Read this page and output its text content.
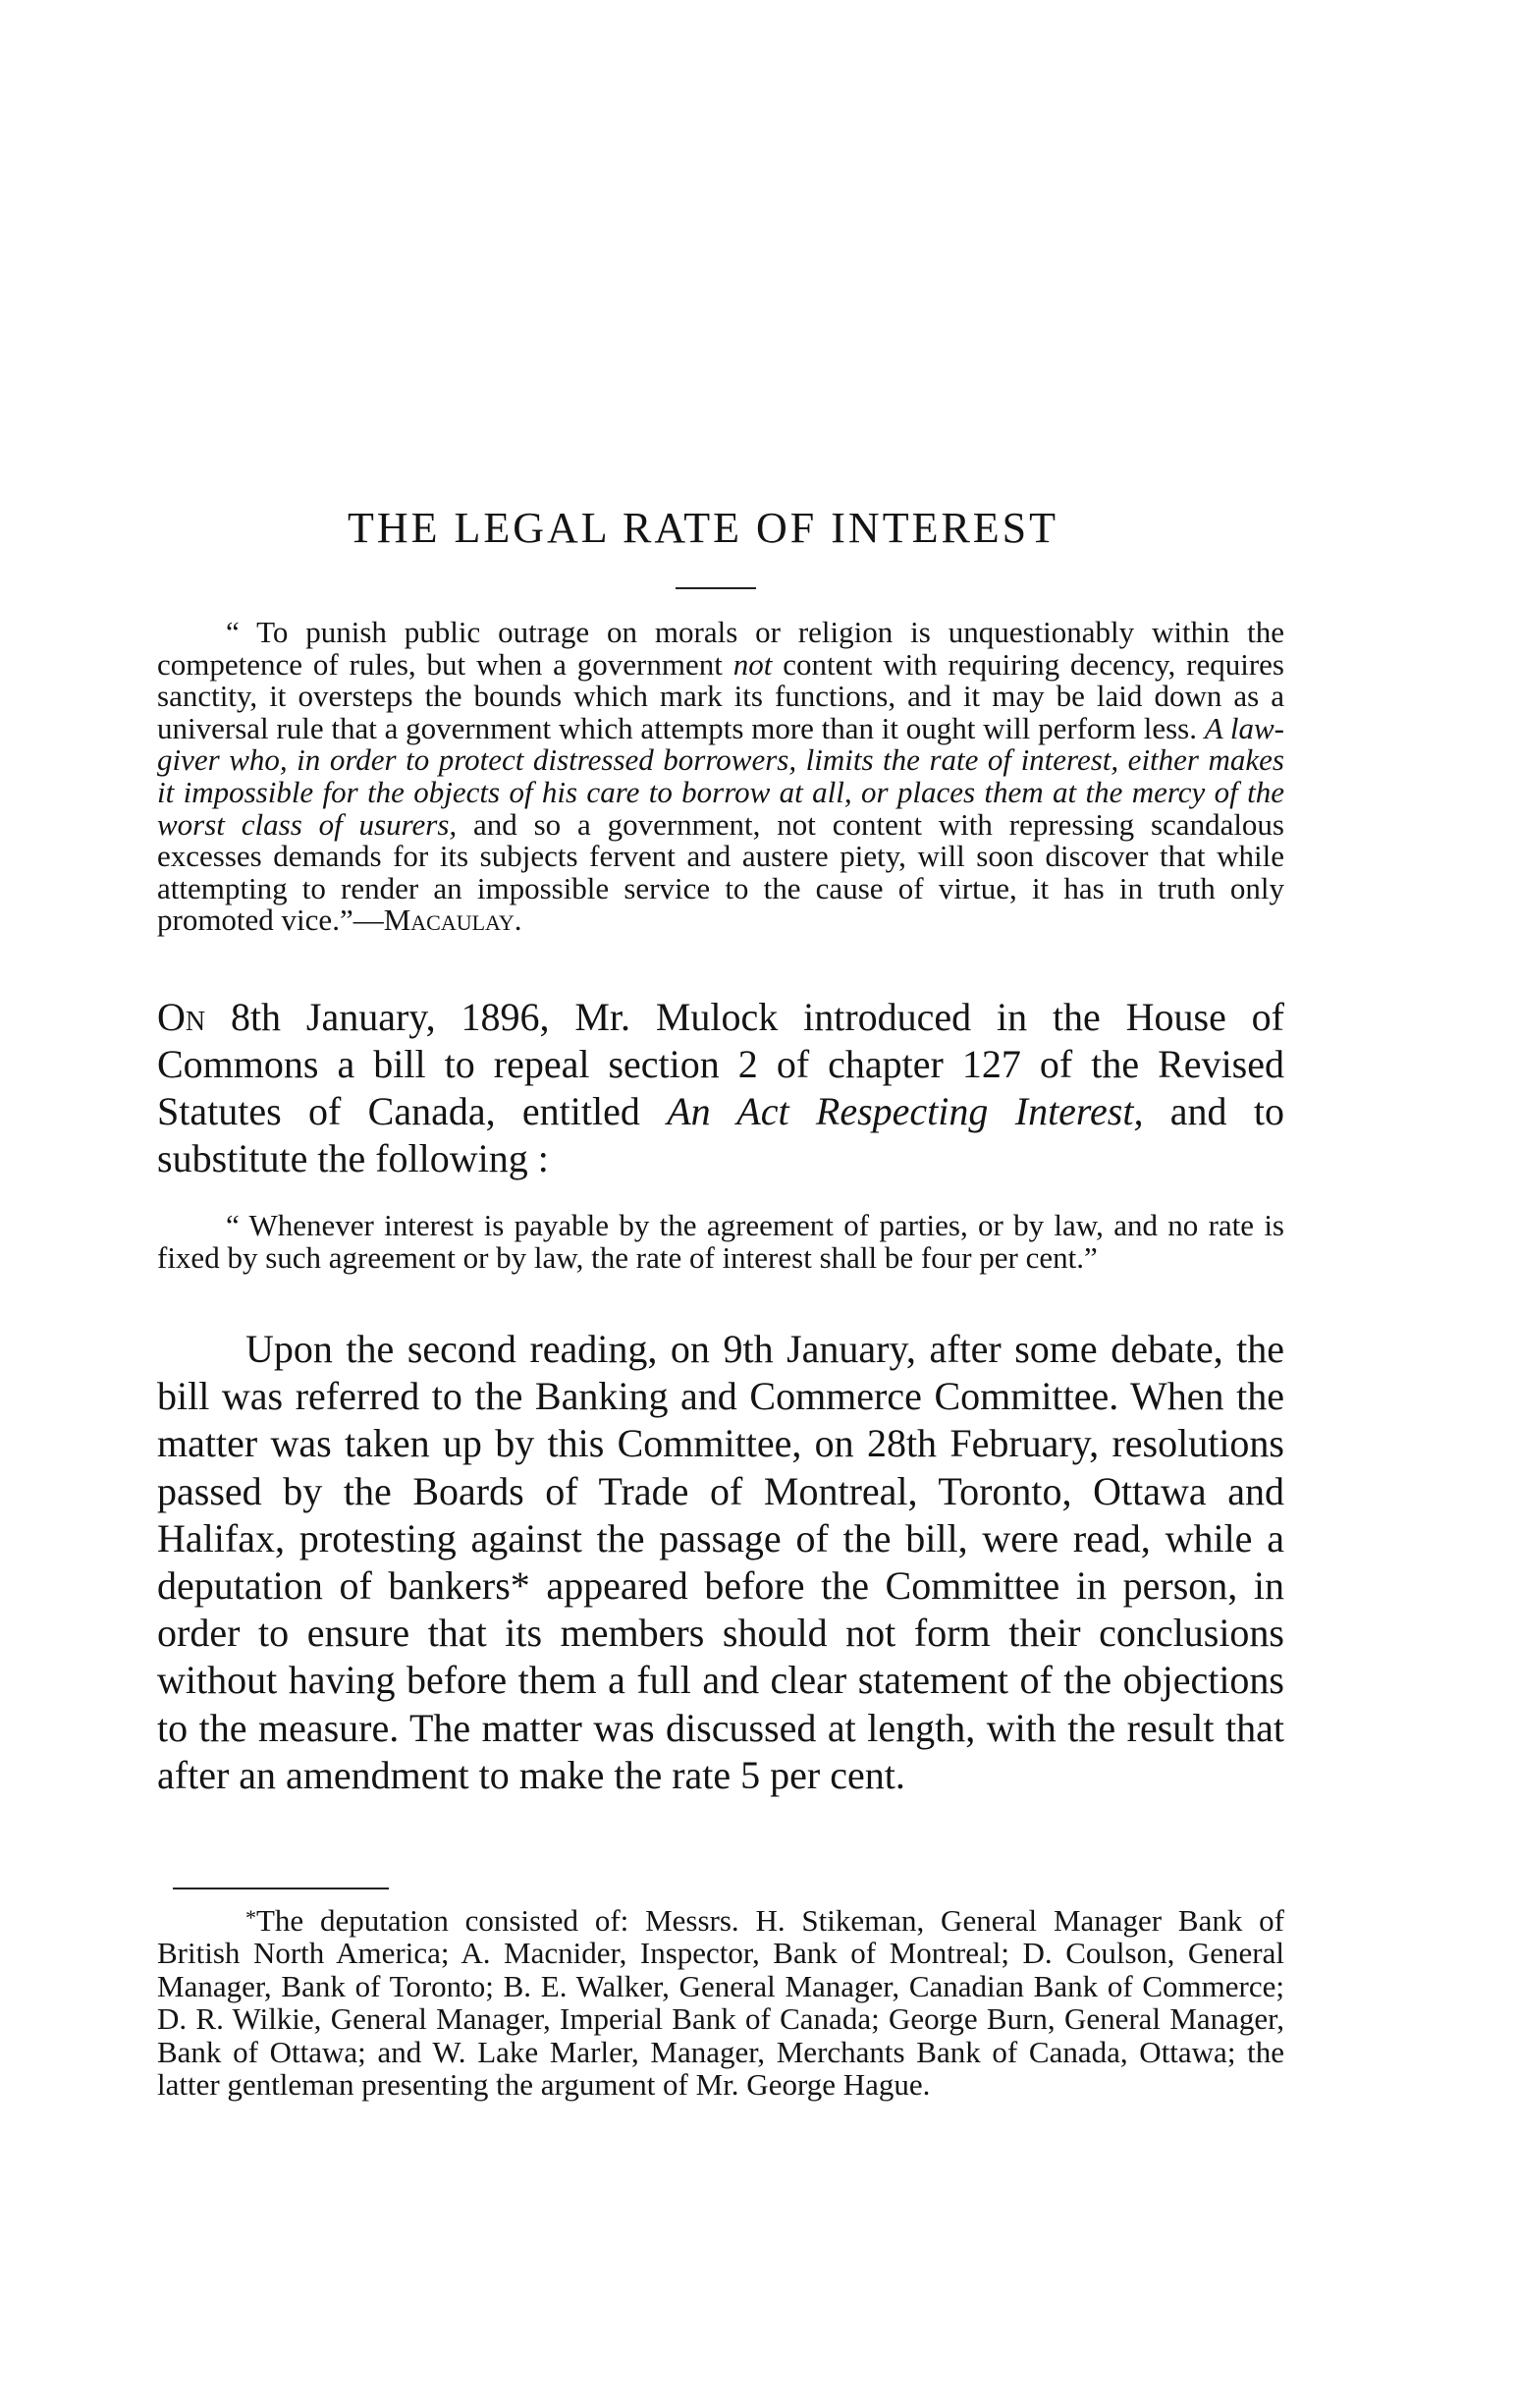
THE LEGAL RATE OF INTEREST

“ To punish public outrage on morals or religion is unquestionably within the competence of rules, but when a government not content with requiring decency, requires sanctity, it oversteps the bounds which mark its functions, and it may be laid down as a universal rule that a government which attempts more than it ought will perform less. A law-giver who, in order to protect distressed borrowers, limits the rate of interest, either makes it impossible for the objects of his care to borrow at all, or places them at the mercy of the worst class of usurers, and so a government, not content with repressing scandalous excesses demands for its subjects fervent and austere piety, will soon discover that while attempting to render an impossible service to the cause of virtue, it has in truth only promoted vice.”—Macaulay.

On 8th January, 1896, Mr. Mulock introduced in the House of Commons a bill to repeal section 2 of chapter 127 of the Revised Statutes of Canada, entitled An Act Respecting Interest, and to substitute the following :

“ Whenever interest is payable by the agreement of parties, or by law, and no rate is fixed by such agreement or by law, the rate of interest shall be four per cent.”

Upon the second reading, on 9th January, after some debate, the bill was referred to the Banking and Commerce Committee. When the matter was taken up by this Committee, on 28th February, resolutions passed by the Boards of Trade of Montreal, Toronto, Ottawa and Halifax, protesting against the passage of the bill, were read, while a deputation of bankers* appeared before the Committee in person, in order to ensure that its members should not form their conclusions without having before them a full and clear statement of the objections to the measure. The matter was discussed at length, with the result that after an amendment to make the rate 5 per cent.

*The deputation consisted of: Messrs. H. Stikeman, General Manager Bank of British North America; A. Macnider, Inspector, Bank of Montreal; D. Coulson, General Manager, Bank of Toronto; B. E. Walker, General Manager, Canadian Bank of Commerce; D. R. Wilkie, General Manager, Imperial Bank of Canada; George Burn, General Manager, Bank of Ottawa; and W. Lake Marler, Manager, Merchants Bank of Canada, Ottawa; the latter gentleman presenting the argument of Mr. George Hague.
